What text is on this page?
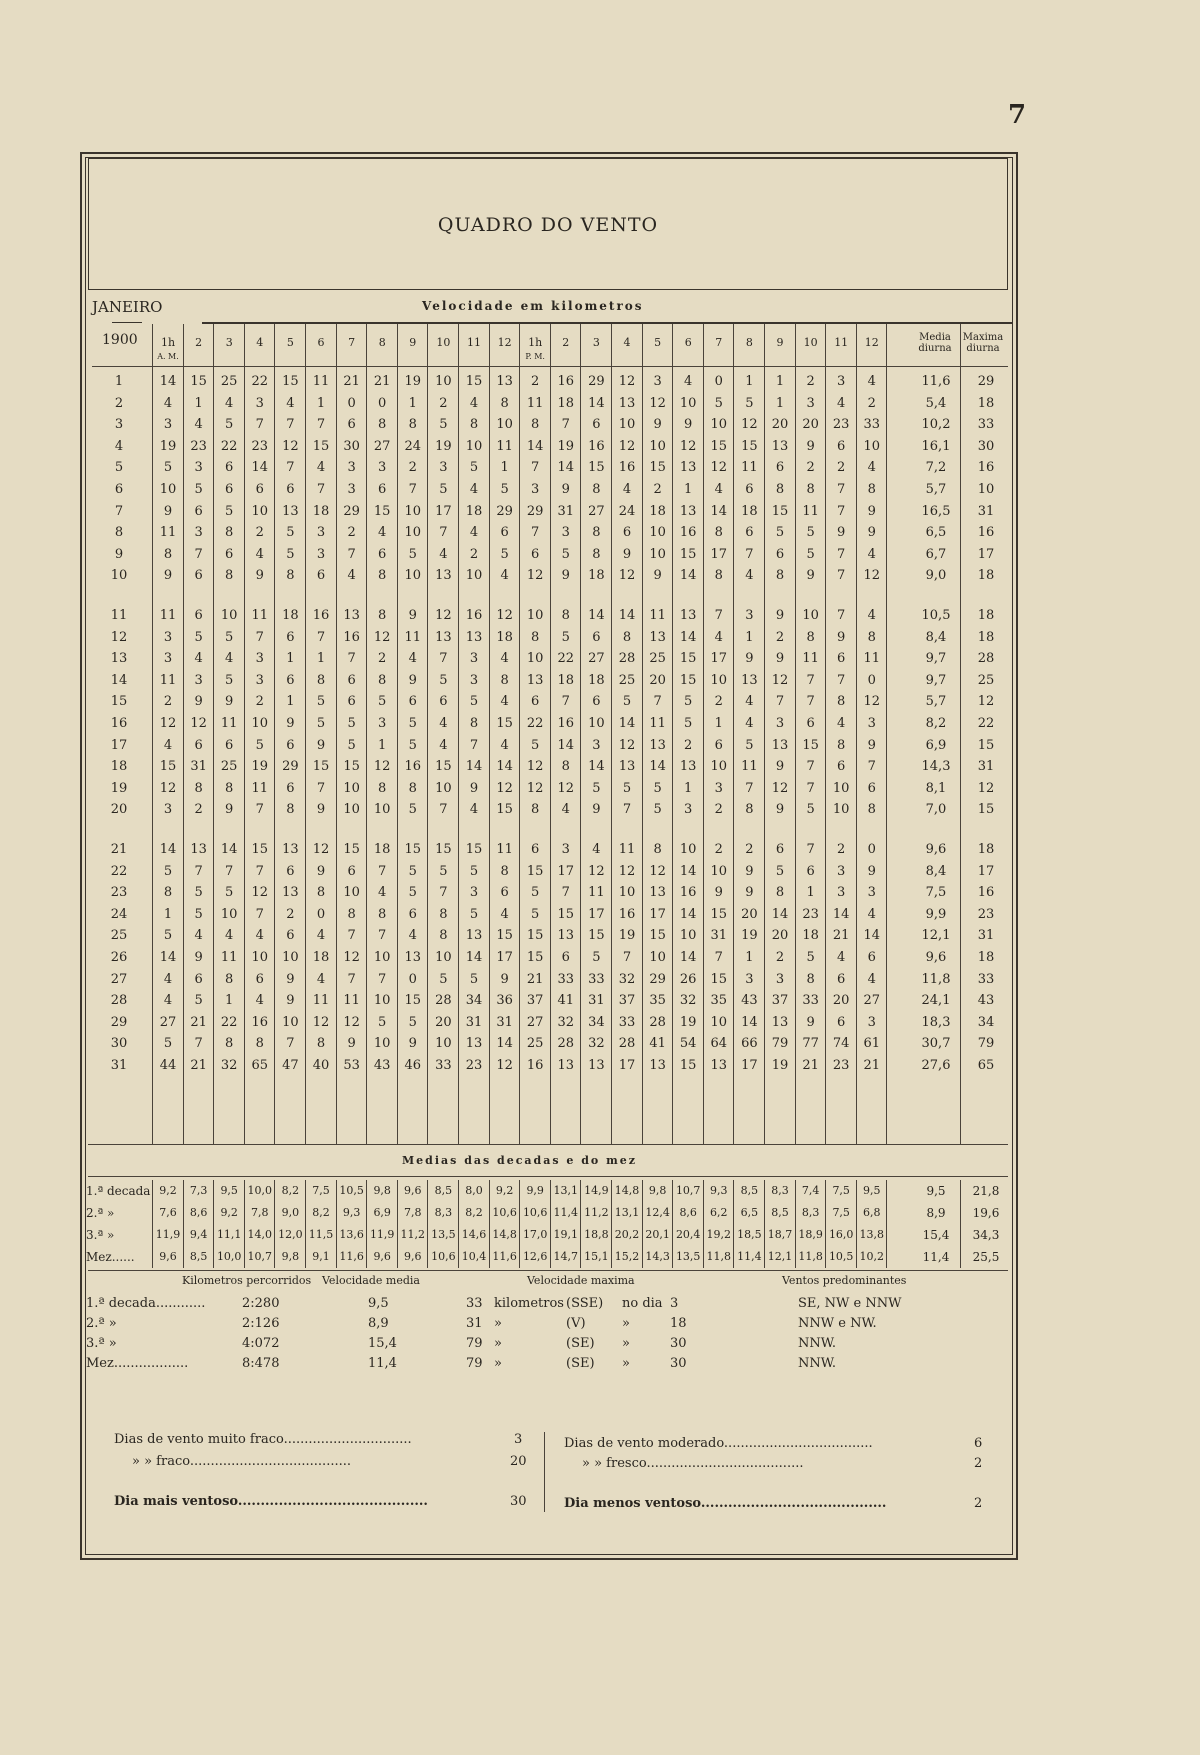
7
QUADRO DO VENTO
JANEIRO
1900
Velocidade em kilometros
1h
A. M.
2	3	4	5	6	7	8	9	10	11	12	1h
P. M.
2	3	4	5	6	7	8	9	10	11	12	Media diurna
Maxima diurna
1	14	15	25	22	15	11	21	21	19	10	15	13	2	16	29	12	3	4	0	1	1	2	3	4	11,6	29
2	4	1	4	3	4	1	0	0	1	2	4	8	11	18	14	13	12	10	5	5	1	3	4	2	5,4	18
3	3	4	5	7	7	7	6	8	8	5	8	10	8	7	6	10	9	9	10	12	20	20	23	33	10,2	33
4	19	23	22	23	12	15	30	27	24	19	10	11	14	19	16	12	10	12	15	15	13	9	6	10	16,1	30
5	5	3	6	14	7	4	3	3	2	3	5	1	7	14	15	16	15	13	12	11	6	2	2	4	7,2	16
6	10	5	6	6	6	7	3	6	7	5	4	5	3	9	8	4	2	1	4	6	8	8	7	8	5,7	10
7	9	6	5	10	13	18	29	15	10	17	18	29	29	31	27	24	18	13	14	18	15	11	7	9	16,5	31
8	11	3	8	2	5	3	2	4	10	7	4	6	7	3	8	6	10	16	8	6	5	5	9	9	6,5	16
9	8	7	6	4	5	3	7	6	5	4	2	5	6	5	8	9	10	15	17	7	6	5	7	4	6,7	17
10	9	6	8	9	8	6	4	8	10	13	10	4	12	9	18	12	9	14	8	4	8	9	7	12	9,0	18
11	11	6	10	11	18	16	13	8	9	12	16	12	10	8	14	14	11	13	7	3	9	10	7	4	10,5	18
12	3	5	5	7	6	7	16	12	11	13	13	18	8	5	6	8	13	14	4	1	2	8	9	8	8,4	18
13	3	4	4	3	1	1	7	2	4	7	3	4	10	22	27	28	25	15	17	9	9	11	6	11	9,7	28
14	11	3	5	3	6	8	6	8	9	5	3	8	13	18	18	25	20	15	10	13	12	7	7	0	9,7	25
15	2	9	9	2	1	5	6	5	6	6	5	4	6	7	6	5	7	5	2	4	7	7	8	12	5,7	12
16	12	12	11	10	9	5	5	3	5	4	8	15	22	16	10	14	11	5	1	4	3	6	4	3	8,2	22
17	4	6	6	5	6	9	5	1	5	4	7	4	5	14	3	12	13	2	6	5	13	15	8	9	6,9	15
18	15	31	25	19	29	15	15	12	16	15	14	14	12	8	14	13	14	13	10	11	9	7	6	7	14,3	31
19	12	8	8	11	6	7	10	8	8	10	9	12	12	12	5	5	5	1	3	7	12	7	10	6	8,1	12
20	3	2	9	7	8	9	10	10	5	7	4	15	8	4	9	7	5	3	2	8	9	5	10	8	7,0	15
21	14	13	14	15	13	12	15	18	15	15	15	11	6	3	4	11	8	10	2	2	6	7	2	0	9,6	18
22	5	7	7	7	6	9	6	7	5	5	5	8	15	17	12	12	12	14	10	9	5	6	3	9	8,4	17
23	8	5	5	12	13	8	10	4	5	7	3	6	5	7	11	10	13	16	9	9	8	1	3	3	7,5	16
24	1	5	10	7	2	0	8	8	6	8	5	4	5	15	17	16	17	14	15	20	14	23	14	4	9,9	23
25	5	4	4	4	6	4	7	7	4	8	13	15	15	13	15	19	15	10	31	19	20	18	21	14	12,1	31
26	14	9	11	10	10	18	12	10	13	10	14	17	15	6	5	7	10	14	7	1	2	5	4	6	9,6	18
27	4	6	8	6	9	4	7	7	0	5	5	9	21	33	33	32	29	26	15	3	3	8	6	4	11,8	33
28	4	5	1	4	9	11	11	10	15	28	34	36	37	41	31	37	35	32	35	43	37	33	20	27	24,1	43
29	27	21	22	16	10	12	12	5	5	20	31	31	27	32	34	33	28	19	10	14	13	9	6	3	18,3	34
30	5	7	8	8	7	8	9	10	9	10	13	14	25	28	32	28	41	54	64	66	79	77	74	61	30,7	79
31	44	21	32	65	47	40	53	43	46	33	23	12	16	13	13	17	13	15	13	17	19	21	23	21	27,6	65
Medias das decadas e do mez
1.ª decada 9,2	7,3	9,5 10,0 8,2	7,5 10,5 9,8	9,6	8,5	8,0	9,2	9,9 13,1 14,9 14,8 9,8 10,7 9,3	8,5	8,3	7,4	7,5	9,5	9,5	21,8
2.ª »	7,6	8,6	9,2	7,8	9,0	8,2	9,3	6,9	7,8	8,3	8,2 10,6 10,6 11,4 11,2 13,1 12,4 8,6	6,2	6,5	8,5	8,3	7,5	6,8	8,9	19,6
3.ª »	11,9 9,4 11,1 14,0 12,0 11,5 13,6 11,9 11,2 13,5 14,6 14,8 17,0 19,1 18,8 20,2 20,1 20,4 19,2 18,5 18,7 18,9 16,0 13,8	15,4	34,3
Mez......	9,6	8,5 10,0 10,7 9,8	9,1 11,6 9,6	9,6 10,6 10,4 11,6 12,6 14,7 15,1 15,2 14,3 13,5 11,8 11,4 12,1 11,8 10,5 10,2	11,4	25,5
Kilometros percorridos Velocidade media	Velocidade maxima	Ventos predominantes
1.ª decada............	2:280	9,5	33 kilometros (SSE) no dia 3	SE, NW e NNW
2.ª »	2:126	8,9	31 »	(V)	»	18	NNW e NW.
3.ª »	4:072	15,4	79 »	(SE) »	30	NNW.
Mez..................	8:478	11,4	79 »	(SE) »	30	NNW.
Dias de vento muito fraco...............................	3
» » fraco.......................................	20
Dias de vento moderado....................................	6
» » fresco......................................	2
Dia mais ventoso..........................................	30	Dia menos ventoso.........................................	2
